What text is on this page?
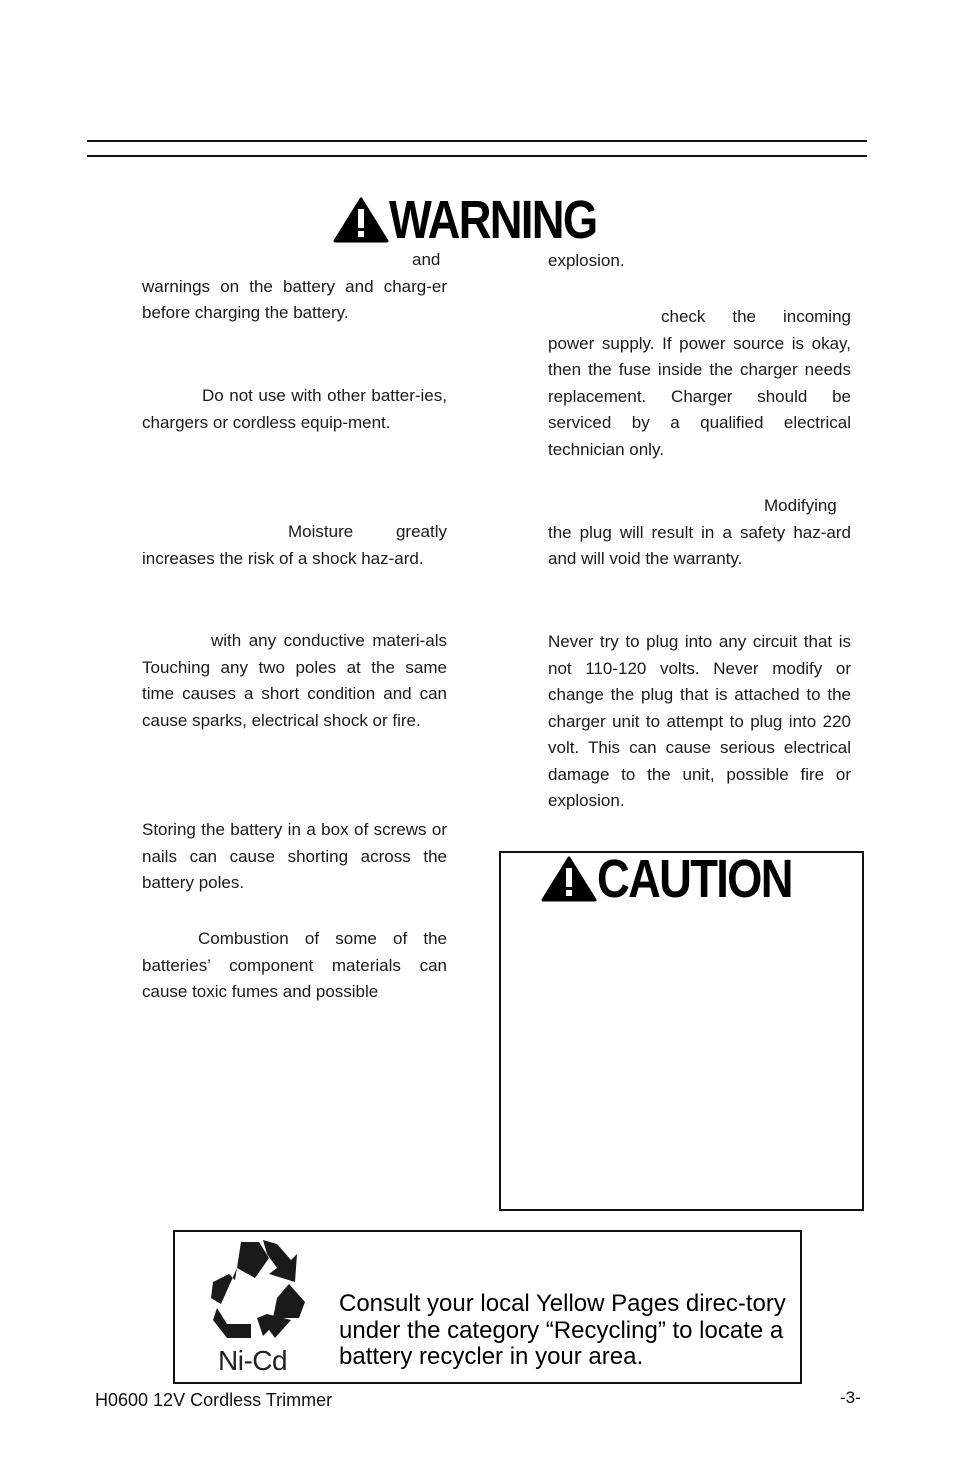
WARNING

and warnings on the battery and charg-er before charging the battery.

Do not use with other batter-ies, chargers or cordless equip-ment.

Moisture greatly increases the risk of a shock haz-ard.

with any conductive materi-als Touching any two poles at the same time causes a short condition and can cause sparks, electrical shock or fire.

Storing the battery in a box of screws or nails can cause shorting across the battery poles.

Combustion of some of the batteries’ component materials can cause toxic fumes and possible

explosion.

check the incoming power supply. If power source is okay, then the fuse inside the charger needs replacement. Charger should be serviced by a qualified electrical technician only.

Modifying the plug will result in a safety haz-ard and will void the warranty.

Never try to plug into any circuit that is not 110-120 volts. Never modify or change the plug that is attached to the charger unit to attempt to plug into 220 volt. This can cause serious electrical damage to the unit, possible fire or explosion.

CAUTION
Ni-Cd

Consult your local Yellow Pages direc-tory under the category “Recycling” to locate a battery recycler in your area.

H0600 12V Cordless Trimmer	-3-
